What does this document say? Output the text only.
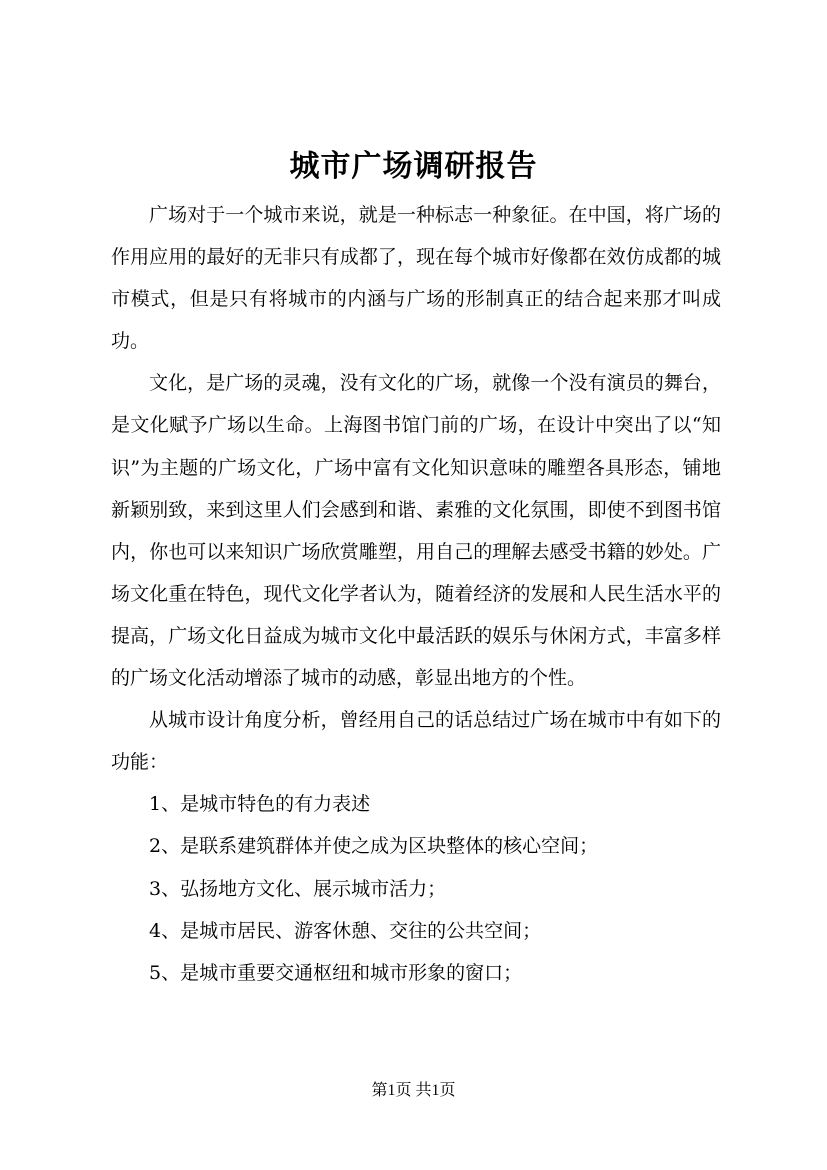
城市广场调研报告

广场对于一个城市来说，就是一种标志一种象征。在中国，将广场的作用应用的最好的无非只有成都了，现在每个城市好像都在效仿成都的城市模式，但是只有将城市的内涵与广场的形制真正的结合起来那才叫成功。

文化，是广场的灵魂，没有文化的广场，就像一个没有演员的舞台，是文化赋予广场以生命。上海图书馆门前的广场，在设计中突出了以“知识”为主题的广场文化，广场中富有文化知识意味的雕塑各具形态，铺地新颖别致，来到这里人们会感到和谐、素雅的文化氛围，即使不到图书馆内，你也可以来知识广场欣赏雕塑，用自己的理解去感受书籍的妙处。广场文化重在特色，现代文化学者认为，随着经济的发展和人民生活水平的提高，广场文化日益成为城市文化中最活跃的娱乐与休闲方式，丰富多样的广场文化活动增添了城市的动感，彰显出地方的个性。

从城市设计角度分析，曾经用自己的话总结过广场在城市中有如下的功能：

1、是城市特色的有力表述

2、是联系建筑群体并使之成为区块整体的核心空间；

3、弘扬地方文化、展示城市活力；

4、是城市居民、游客休憩、交往的公共空间；

5、是城市重要交通枢纽和城市形象的窗口；

第1页 共1页
